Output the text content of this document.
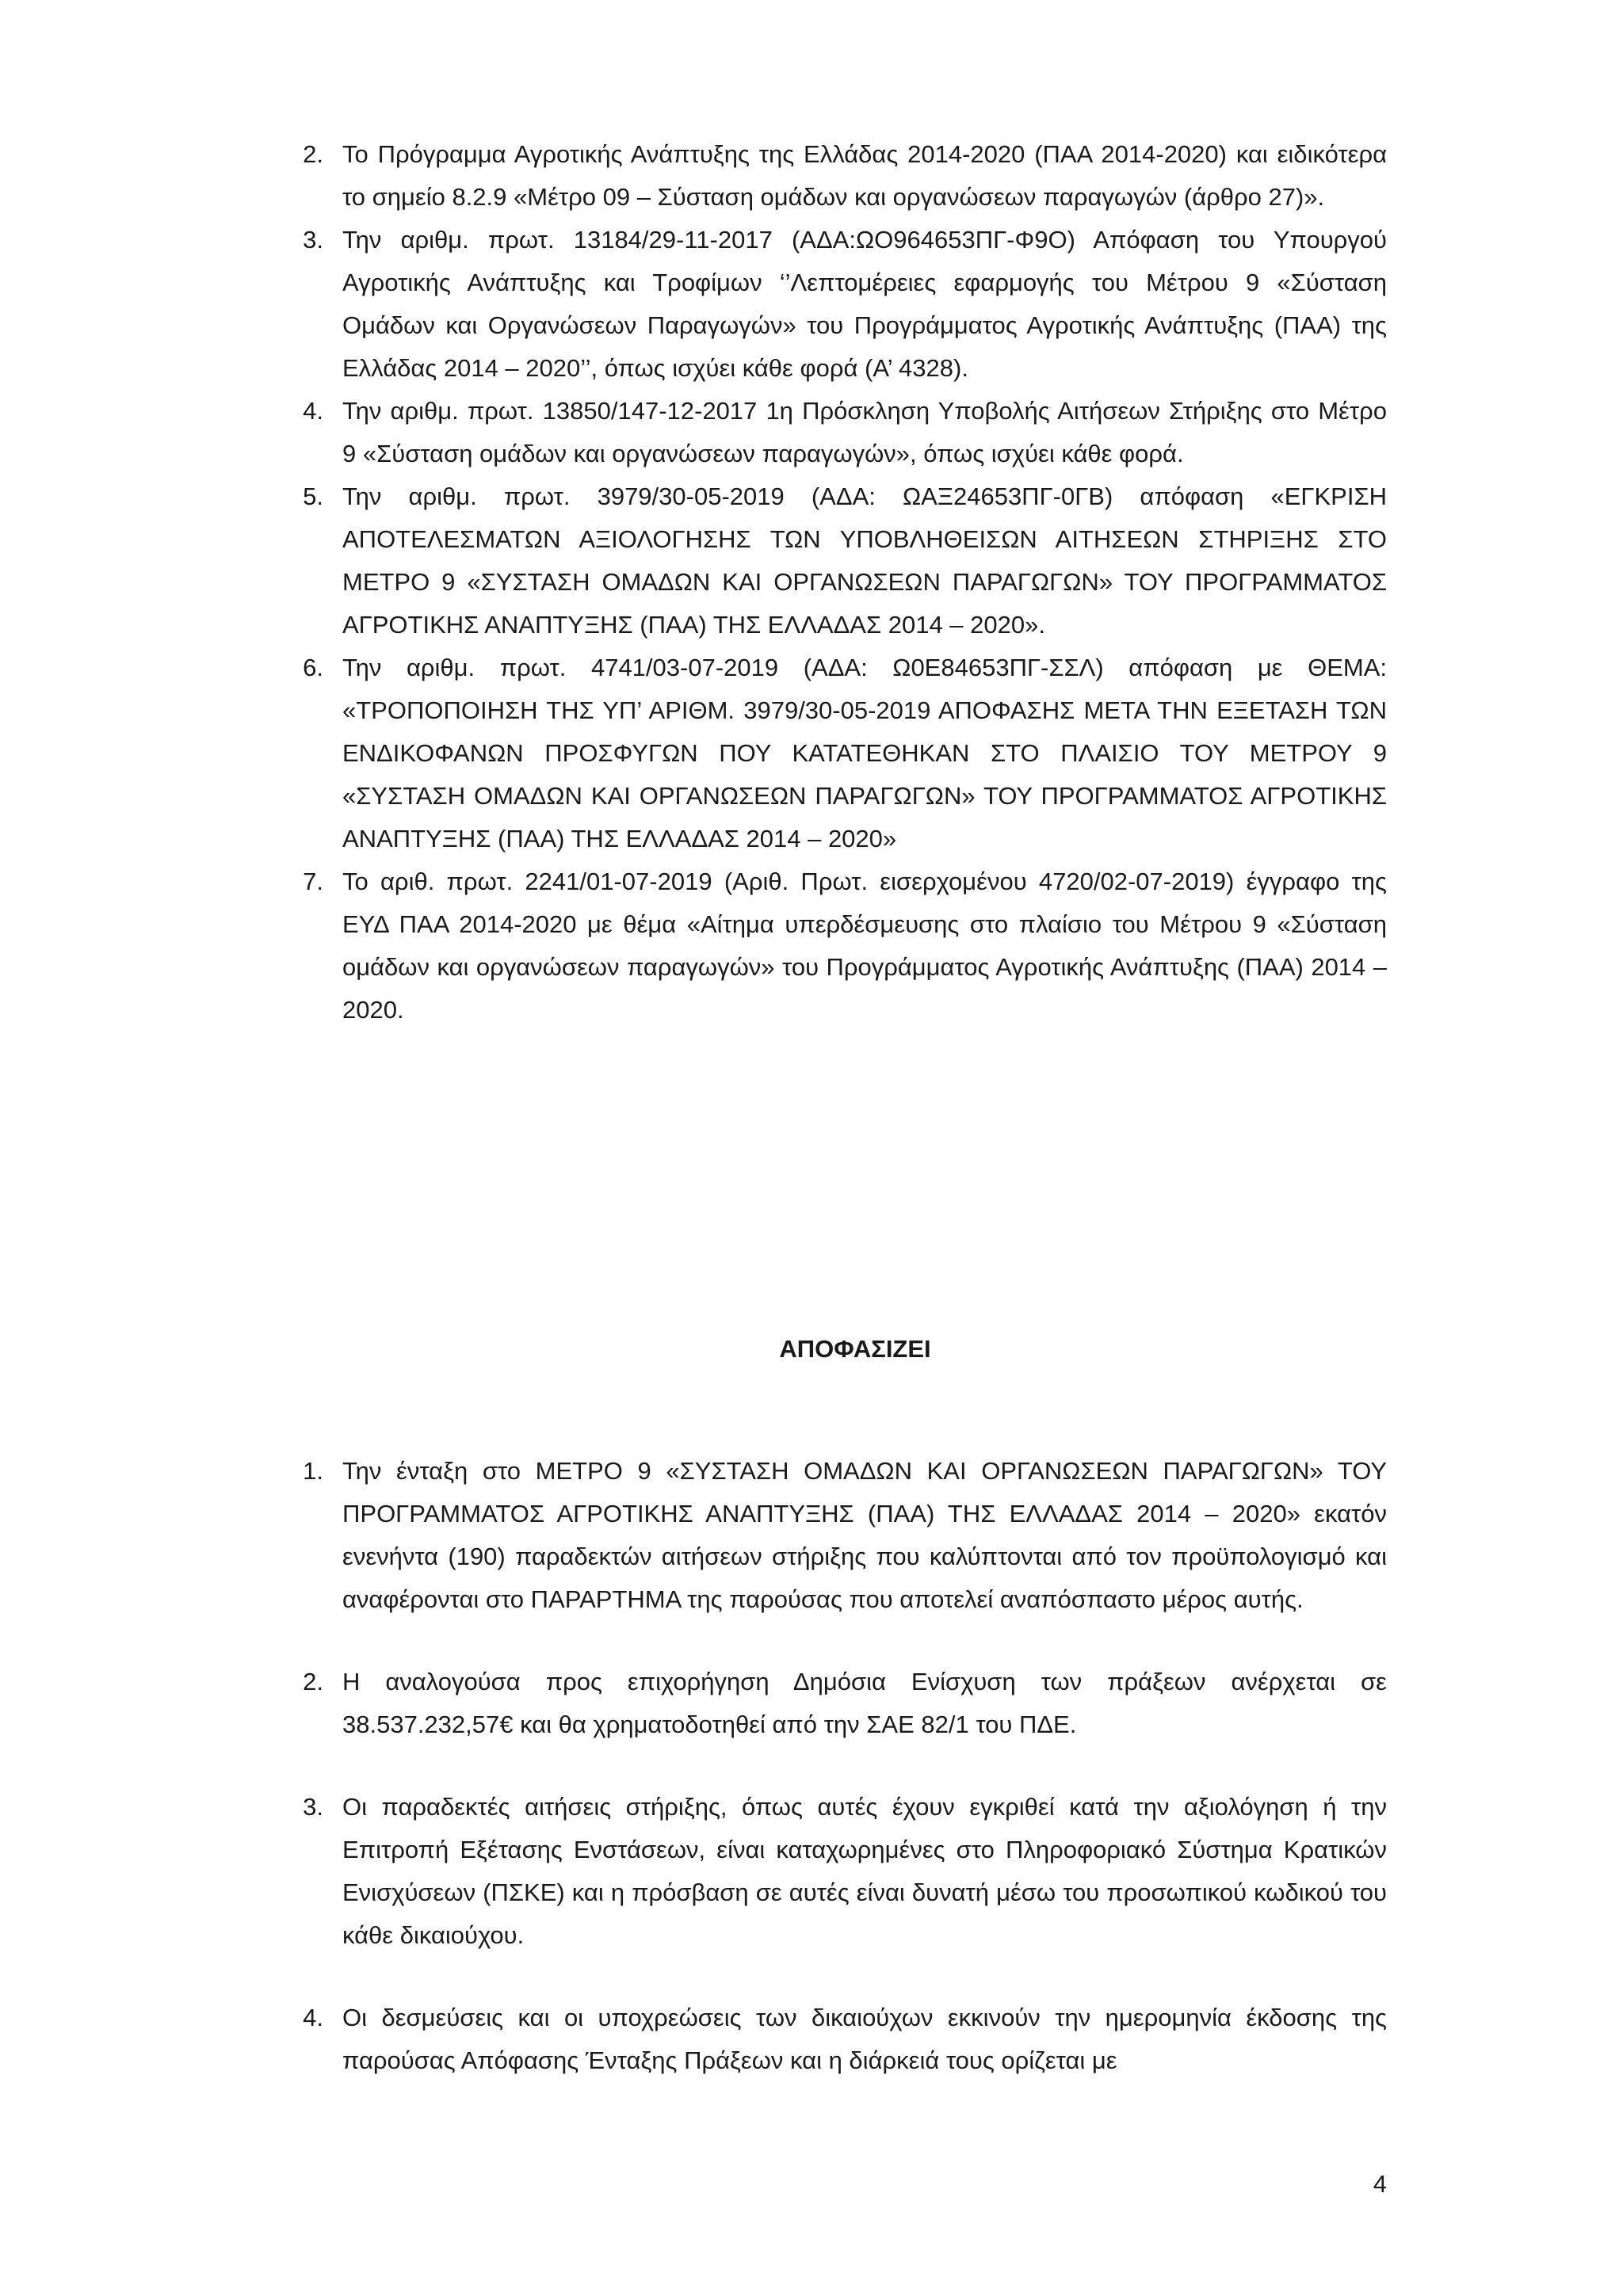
2. Το Πρόγραμμα Αγροτικής Ανάπτυξης της Ελλάδας 2014-2020 (ΠΑΑ 2014-2020) και ειδικότερα το σημείο 8.2.9 «Μέτρο 09 – Σύσταση ομάδων και οργανώσεων παραγωγών (άρθρο 27)».
3. Την αριθμ. πρωτ. 13184/29-11-2017 (ΑΔΑ:ΩΟ964653ΠΓ-Φ9Ο) Απόφαση του Υπουργού Αγροτικής Ανάπτυξης και Τροφίμων ‘’Λεπτομέρειες εφαρμογής του Μέτρου 9 «Σύσταση Ομάδων και Οργανώσεων Παραγωγών» του Προγράμματος Αγροτικής Ανάπτυξης (ΠΑΑ) της Ελλάδας 2014 – 2020’’, όπως ισχύει κάθε φορά (Α’ 4328).
4. Την αριθμ. πρωτ. 13850/147-12-2017 1η Πρόσκληση Υποβολής Αιτήσεων Στήριξης στο Μέτρο 9 «Σύσταση ομάδων και οργανώσεων παραγωγών», όπως ισχύει κάθε φορά.
5. Την αριθμ. πρωτ. 3979/30-05-2019 (ΑΔΑ: ΩΑΞ24653ΠΓ-0ΓΒ) απόφαση «ΕΓΚΡΙΣΗ ΑΠΟΤΕΛΕΣΜΑΤΩΝ ΑΞΙΟΛΟΓΗΣΗΣ ΤΩΝ ΥΠΟΒΛΗΘΕΙΣΩΝ ΑΙΤΗΣΕΩΝ ΣΤΗΡΙΞΗΣ ΣΤΟ ΜΕΤΡΟ 9 «ΣΥΣΤΑΣΗ ΟΜΑΔΩΝ ΚΑΙ ΟΡΓΑΝΩΣΕΩΝ ΠΑΡΑΓΩΓΩΝ» ΤΟΥ ΠΡΟΓΡΑΜΜΑΤΟΣ ΑΓΡΟΤΙΚΗΣ ΑΝΑΠΤΥΞΗΣ (ΠΑΑ) ΤΗΣ ΕΛΛΑΔΑΣ 2014 – 2020».
6. Την αριθμ. πρωτ. 4741/03-07-2019 (ΑΔΑ: Ω0Ε84653ΠΓ-ΣΣΛ) απόφαση με ΘΕΜΑ: «ΤΡΟΠΟΠΟΙΗΣΗ ΤΗΣ ΥΠ’ ΑΡΙΘΜ. 3979/30-05-2019 ΑΠΟΦΑΣΗΣ ΜΕΤΑ ΤΗΝ ΕΞΕΤΑΣΗ ΤΩΝ ΕΝΔΙΚΟΦΑΝΩΝ ΠΡΟΣΦΥΓΩΝ ΠΟΥ ΚΑΤΑΤΕΘΗΚΑΝ ΣΤΟ ΠΛΑΙΣΙΟ ΤΟΥ ΜΕΤΡΟΥ 9 «ΣΥΣΤΑΣΗ ΟΜΑΔΩΝ ΚΑΙ ΟΡΓΑΝΩΣΕΩΝ ΠΑΡΑΓΩΓΩΝ» ΤΟΥ ΠΡΟΓΡΑΜΜΑΤΟΣ ΑΓΡΟΤΙΚΗΣ ΑΝΑΠΤΥΞΗΣ (ΠΑΑ) ΤΗΣ ΕΛΛΑΔΑΣ 2014 – 2020»
7. Το αριθ. πρωτ. 2241/01-07-2019 (Αριθ. Πρωτ. εισερχομένου 4720/02-07-2019) έγγραφο της ΕΥΔ ΠΑΑ 2014-2020 με θέμα «Αίτημα υπερδέσμευσης στο πλαίσιο του Μέτρου 9 «Σύσταση ομάδων και οργανώσεων παραγωγών» του Προγράμματος Αγροτικής Ανάπτυξης (ΠΑΑ) 2014 – 2020.
ΑΠΟΦΑΣΙΖΕΙ
1. Την ένταξη στο ΜΕΤΡΟ 9 «ΣΥΣΤΑΣΗ ΟΜΑΔΩΝ ΚΑΙ ΟΡΓΑΝΩΣΕΩΝ ΠΑΡΑΓΩΓΩΝ» ΤΟΥ ΠΡΟΓΡΑΜΜΑΤΟΣ ΑΓΡΟΤΙΚΗΣ ΑΝΑΠΤΥΞΗΣ (ΠΑΑ) ΤΗΣ ΕΛΛΑΔΑΣ 2014 – 2020» εκατόν ενενήντα (190) παραδεκτών αιτήσεων στήριξης που καλύπτονται από τον προϋπολογισμό και αναφέρονται στο ΠΑΡΑΡΤΗΜΑ της παρούσας που αποτελεί αναπόσπαστο μέρος αυτής.
2. Η αναλογούσα προς επιχορήγηση Δημόσια Ενίσχυση των πράξεων ανέρχεται σε 38.537.232,57€ και θα χρηματοδοτηθεί από την ΣΑΕ 82/1 του ΠΔΕ.
3. Οι παραδεκτές αιτήσεις στήριξης, όπως αυτές έχουν εγκριθεί κατά την αξιολόγηση ή την Επιτροπή Εξέτασης Ενστάσεων, είναι καταχωρημένες στο Πληροφοριακό Σύστημα Κρατικών Ενισχύσεων (ΠΣΚΕ) και η πρόσβαση σε αυτές είναι δυνατή μέσω του προσωπικού κωδικού του κάθε δικαιούχου.
4. Οι δεσμεύσεις και οι υποχρεώσεις των δικαιούχων εκκινούν την ημερομηνία έκδοσης της παρούσας Απόφασης Ένταξης Πράξεων και η διάρκειά τους ορίζεται με
4
